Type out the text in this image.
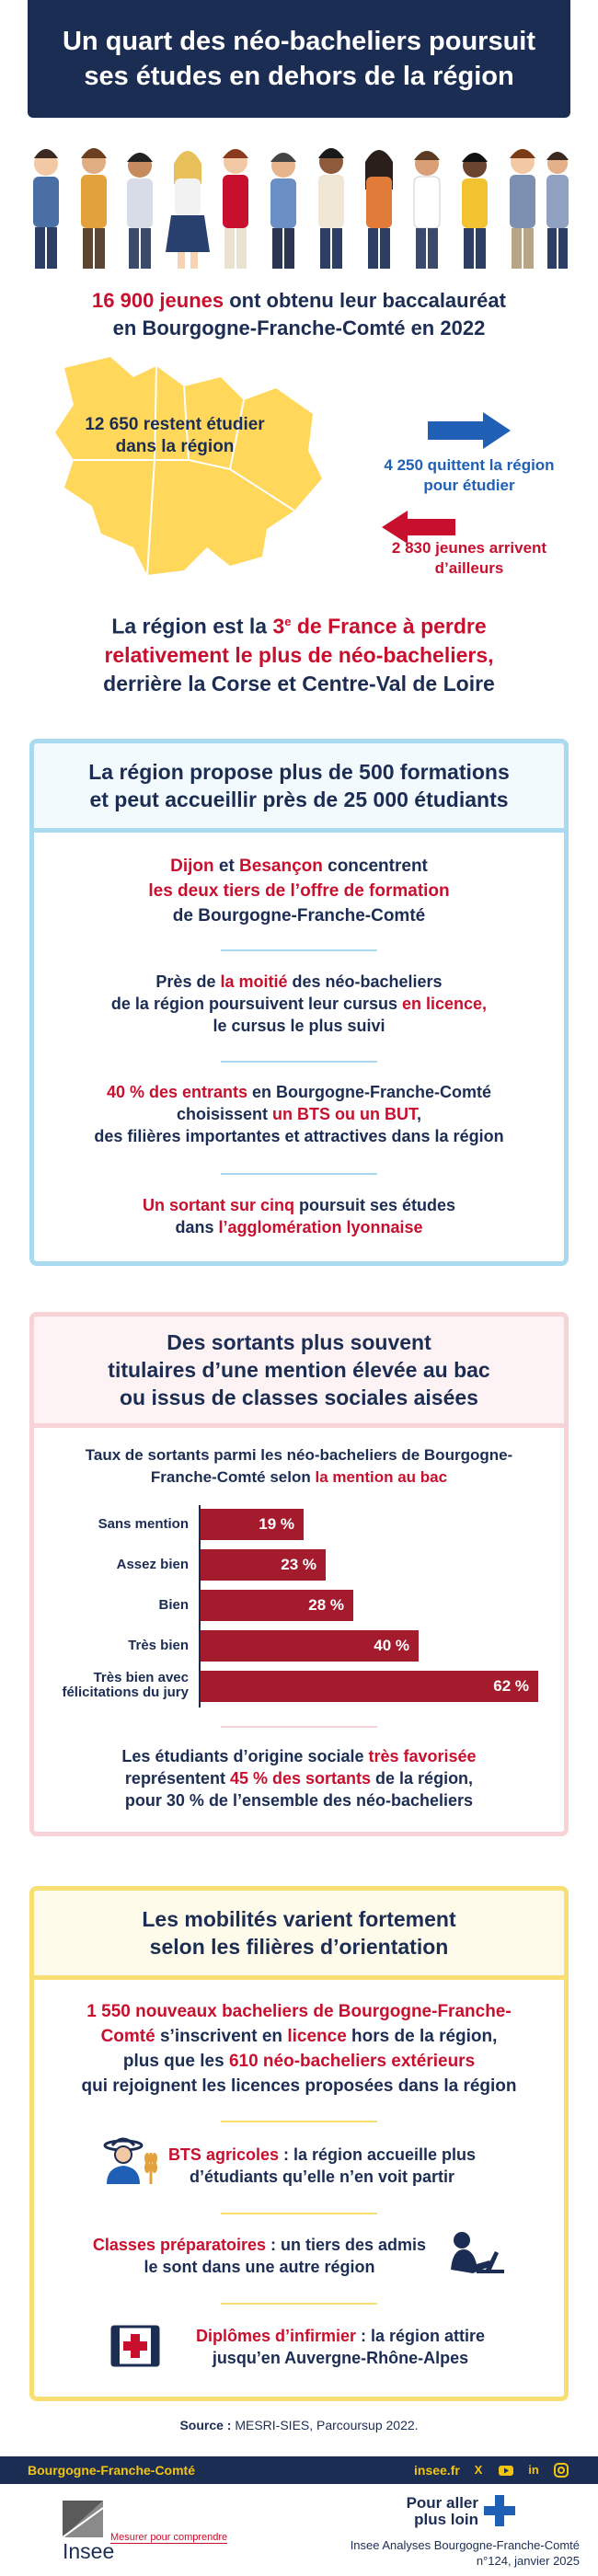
Un quart des néo-bacheliers poursuit
ses études en dehors de la région
16 900 jeunes ont obtenu leur baccalauréat
en Bourgogne-Franche-Comté en 2022
12 650 restent étudier
dans la région
4 250 quittent la région
pour étudier
2 830 jeunes arrivent
d’ailleurs
La région est la 3e de France à perdre
relativement le plus de néo-bacheliers,
derrière la Corse et Centre-Val de Loire
La région propose plus de 500 formations
et peut accueillir près de 25 000 étudiants
Dijon et Besançon concentrent
les deux tiers de l’offre de formation
de Bourgogne-Franche-Comté
Près de la moitié des néo-bacheliers
de la région poursuivent leur cursus en licence,
le cursus le plus suivi
40 % des entrants en Bourgogne-Franche-Comté
choisissent un BTS ou un BUT,
des filières importantes et attractives dans la région
Un sortant sur cinq poursuit ses études
dans l’agglomération lyonnaise
Des sortants plus souvent
titulaires d’une mention élevée au bac
ou issus de classes sociales aisées
Taux de sortants parmi les néo-bacheliers de Bourgogne-
Franche-Comté selon la mention au bac
Sans mention	19 %
Assez bien	23 %
Bien	28 %
Très bien	40 %
Très bien avec félicitations du jury	62 %
Les étudiants d’origine sociale très favorisée
représentent 45 % des sortants de la région,
pour 30 % de l’ensemble des néo-bacheliers
Les mobilités varient fortement
selon les filières d’orientation
1 550 nouveaux bacheliers de Bourgogne-Franche-
Comté s’inscrivent en licence hors de la région,
plus que les 610 néo-bacheliers extérieurs
qui rejoignent les licences proposées dans la région
BTS agricoles : la région accueille plus
d’étudiants qu’elle n’en voit partir
Classes préparatoires : un tiers des admis
le sont dans une autre région
Diplômes d’infirmier : la région attire
jusqu’en Auvergne-Rhône-Alpes
Source : MESRI-SIES, Parcoursup 2022.
Bourgogne-Franche-Comté	insee.fr X	in
Insee
Mesurer pour comprendre
Pour aller
plus loin
Insee Analyses Bourgogne-Franche-Comté
n°124, janvier 2025
